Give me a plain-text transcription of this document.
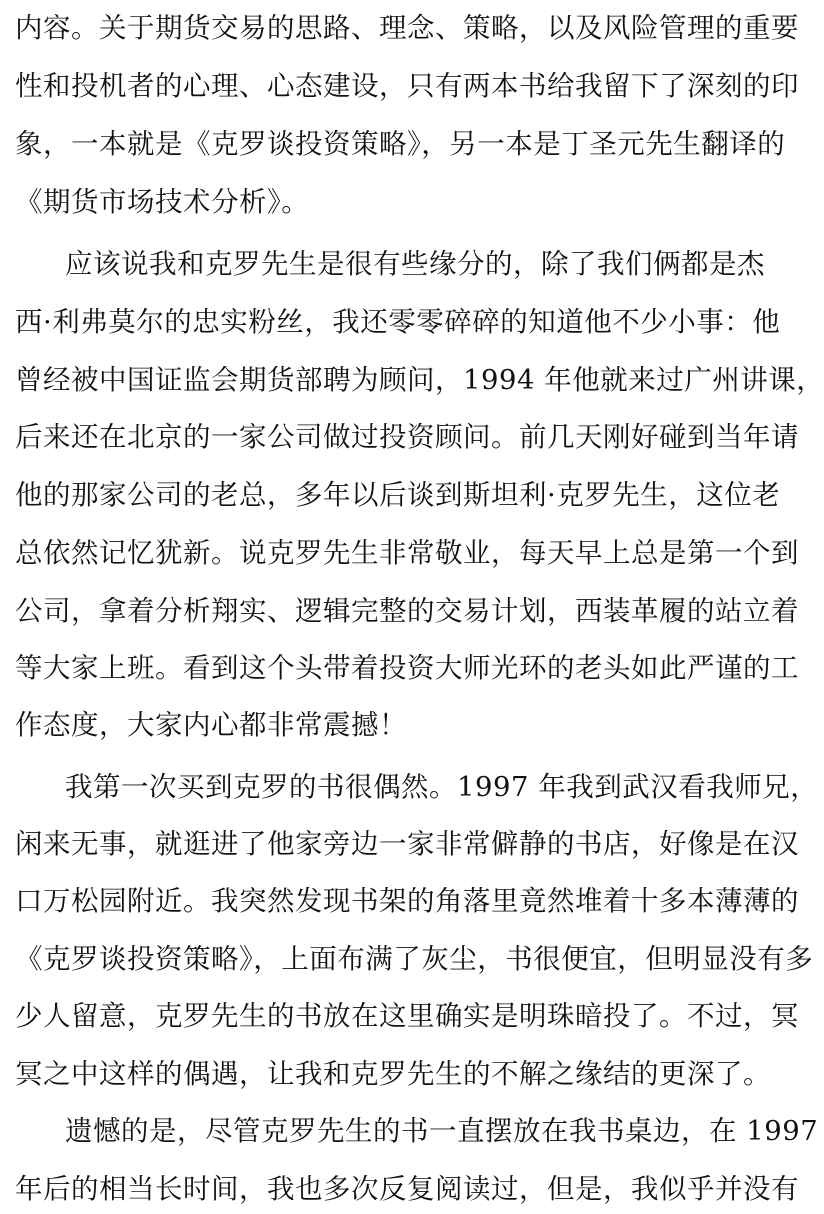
内容。关于期货交易的思路、理念、策略，以及风险管理的重要
性和投机者的心理、心态建设，只有两本书给我留下了深刻的印
象，一本就是《克罗谈投资策略》，另一本是丁圣元先生翻译的
《期货市场技术分析》。
应该说我和克罗先生是很有些缘分的，除了我们俩都是杰
西·利弗莫尔的忠实粉丝，我还零零碎碎的知道他不少小事：他
曾经被中国证监会期货部聘为顾问，1994 年他就来过广州讲课，
后来还在北京的一家公司做过投资顾问。前几天刚好碰到当年请
他的那家公司的老总，多年以后谈到斯坦利·克罗先生，这位老
总依然记忆犹新。说克罗先生非常敬业，每天早上总是第一个到
公司，拿着分析翔实、逻辑完整的交易计划，西装革履的站立着
等大家上班。看到这个头带着投资大师光环的老头如此严谨的工
作态度，大家内心都非常震撼！
我第一次买到克罗的书很偶然。1997 年我到武汉看我师兄，
闲来无事，就逛进了他家旁边一家非常僻静的书店，好像是在汉
口万松园附近。我突然发现书架的角落里竟然堆着十多本薄薄的
《克罗谈投资策略》，上面布满了灰尘，书很便宜，但明显没有多
少人留意，克罗先生的书放在这里确实是明珠暗投了。不过，冥
冥之中这样的偶遇，让我和克罗先生的不解之缘结的更深了。
遗憾的是，尽管克罗先生的书一直摆放在我书桌边，在 1997
年后的相当长时间，我也多次反复阅读过，但是，我似乎并没有
